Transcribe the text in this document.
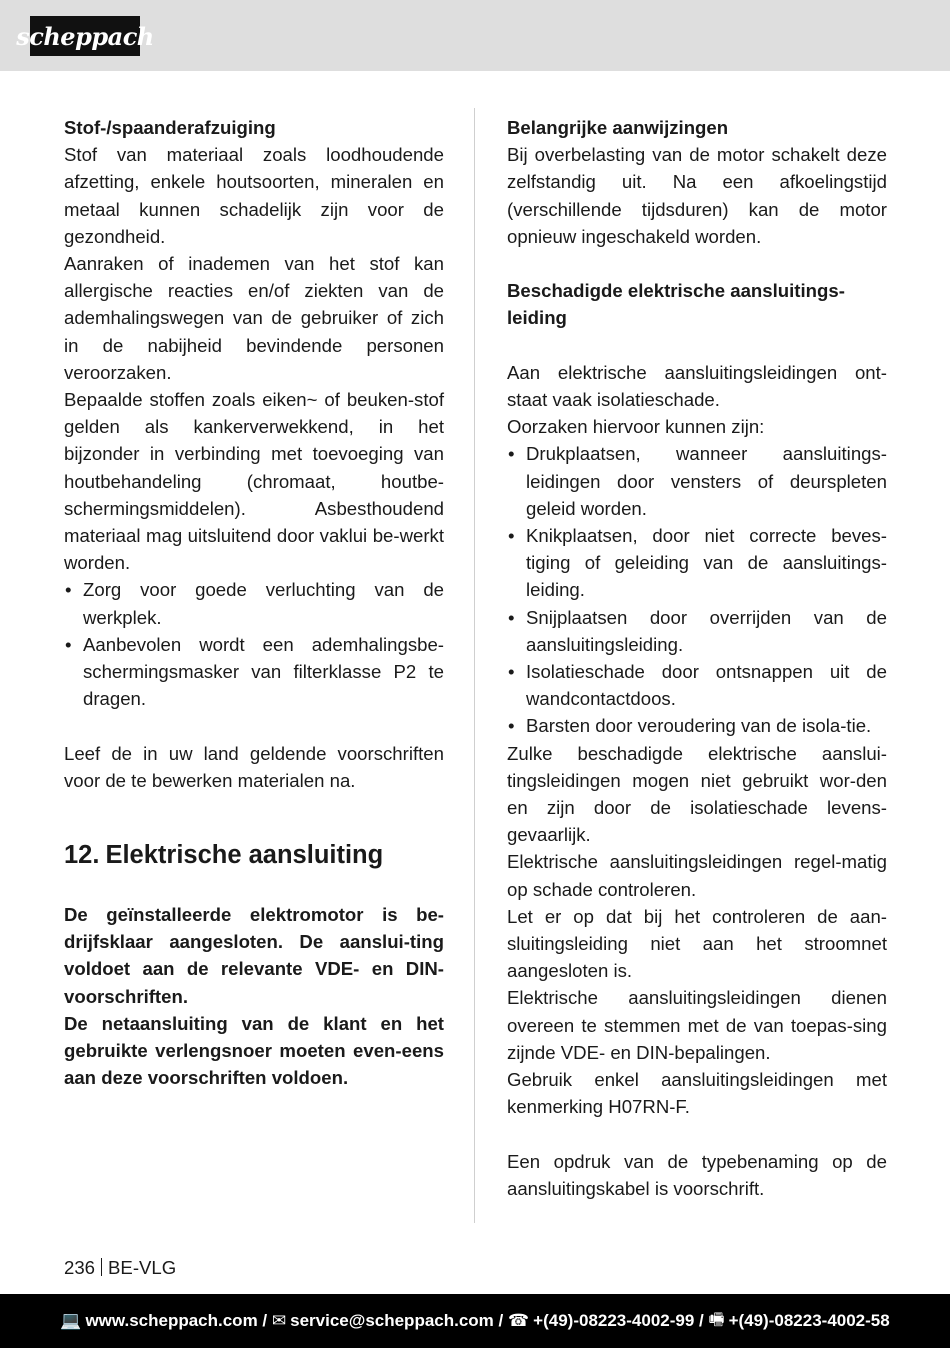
scheppach

Stof-/spaanderafzuiging

Stof van materiaal zoals loodhoudende afzetting, enkele houtsoorten, mineralen en metaal kunnen schadelijk zijn voor de gezondheid.

Aanraken of inademen van het stof kan allergische reacties en/of ziekten van de ademhalingswegen van de gebruiker of zich in de nabijheid bevindende personen veroorzaken.

Bepaalde stoffen zoals eiken~ of beuken-stof gelden als kankerverwekkend, in het bijzonder in verbinding met toevoeging van houtbehandeling (chromaat, houtbe-schermingsmiddelen). Asbesthoudend materiaal mag uitsluitend door vaklui be-werkt worden.

• Zorg voor goede verluchting van de werkplek.
• Aanbevolen wordt een ademhalingsbe-schermingsmasker van filterklasse P2 te dragen.

Leef de in uw land geldende voorschriften voor de te bewerken materialen na.

12. Elektrische aansluiting

De geïnstalleerde elektromotor is be-drijfsklaar aangesloten. De aanslui-ting voldoet aan de relevante VDE- en DIN-voorschriften.

De netaansluiting van de klant en het gebruikte verlengsnoer moeten even-eens aan deze voorschriften voldoen.

Belangrijke aanwijzingen

Bij overbelasting van de motor schakelt deze zelfstandig uit. Na een afkoelingstijd (verschillende tijdsduren) kan de motor opnieuw ingeschakeld worden.

Beschadigde elektrische aansluitings-leiding

Aan elektrische aansluitingsleidingen ont-staat vaak isolatieschade.

Oorzaken hiervoor kunnen zijn:

• Drukplaatsen, wanneer aansluitings-leidingen door vensters of deurspleten geleid worden.
• Knikplaatsen, door niet correcte beves-tiging of geleiding van de aansluitings-leiding.
• Snijplaatsen door overrijden van de aansluitingsleiding.
• Isolatieschade door ontsnappen uit de wandcontactdoos.
• Barsten door veroudering van de isola-tie.

Zulke beschadigde elektrische aanslui-tingsleidingen mogen niet gebruikt wor-den en zijn door de isolatieschade levens-gevaarlijk.

Elektrische aansluitingsleidingen regel-matig op schade controleren.

Let er op dat bij het controleren de aan-sluitingsleiding niet aan het stroomnet aangesloten is.

Elektrische aansluitingsleidingen dienen overeen te stemmen met de van toepas-sing zijnde VDE- en DIN-bepalingen.

Gebruik enkel aansluitingsleidingen met kenmerking H07RN-F.

Een opdruk van de typebenaming op de aansluitingskabel is voorschrift.

236 BE-VLG
💻 www.scheppach.com /
✉ service@scheppach.com /
☎ +(49)-08223-4002-99 /
🖷 +(49)-08223-4002-58
